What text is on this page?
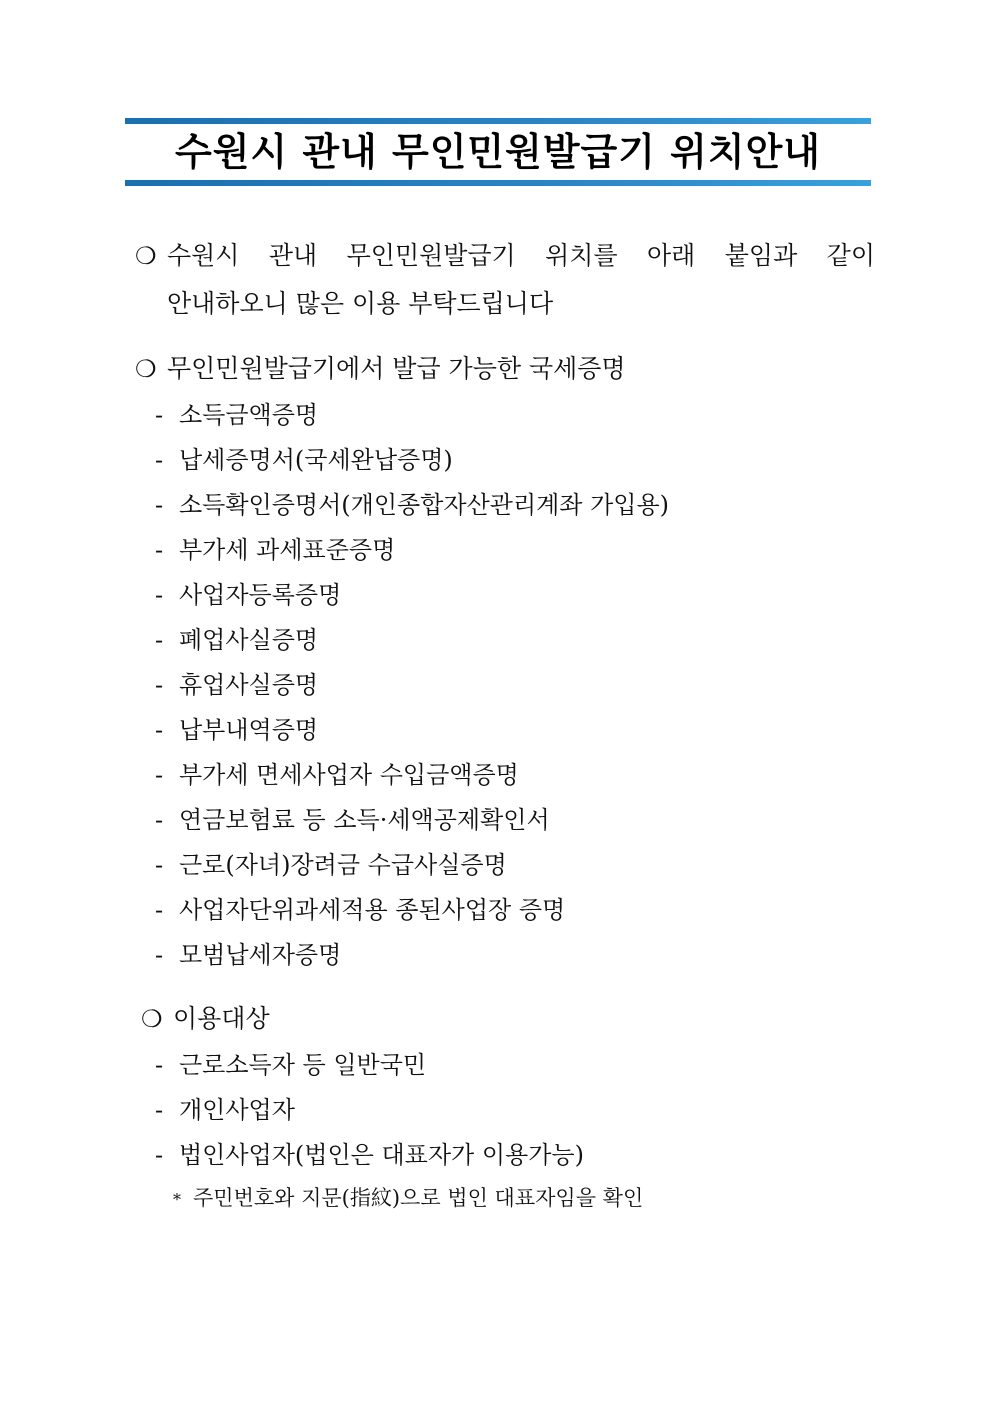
수원시 관내 무인민원발급기 위치안내
❍ 수원시 관내 무인민원발급기 위치를 아래 붙임과 같이
안내하오니 많은 이용 부탁드립니다
❍ 무인민원발급기에서 발급 가능한 국세증명
- 소득금액증명
- 납세증명서(국세완납증명)
- 소득확인증명서(개인종합자산관리계좌 가입용)
- 부가세 과세표준증명
- 사업자등록증명
- 폐업사실증명
- 휴업사실증명
- 납부내역증명
- 부가세 면세사업자 수입금액증명
- 연금보험료 등 소득·세액공제확인서
- 근로(자녀)장려금 수급사실증명
- 사업자단위과세적용 종된사업장 증명
- 모범납세자증명
❍ 이용대상
- 근로소득자 등 일반국민
- 개인사업자
- 법인사업자(법인은 대표자가 이용가능)
* 주민번호와 지문(指紋)으로 법인 대표자임을 확인
